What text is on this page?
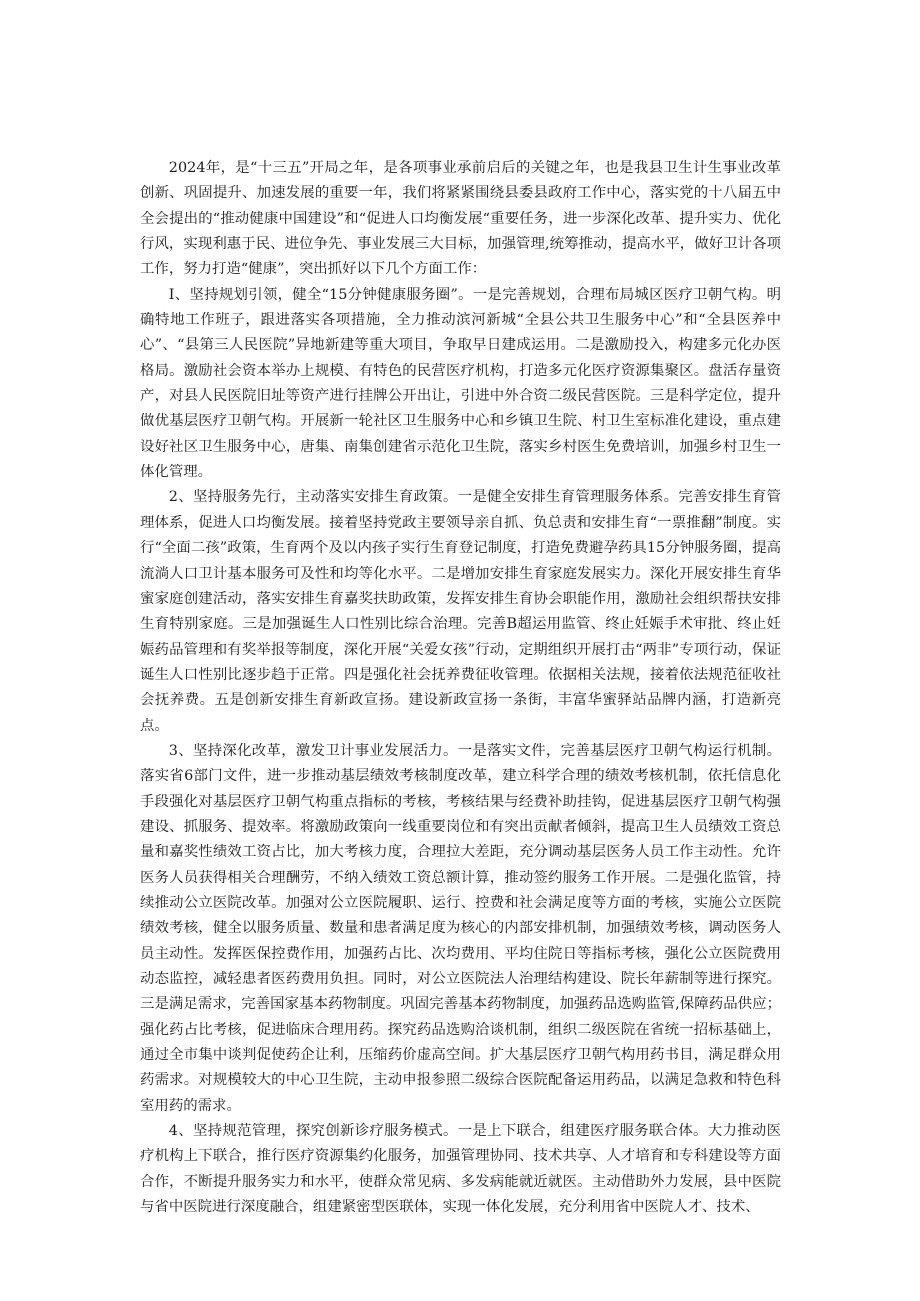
2024年，是“十三五”开局之年，是各项事业承前启后的关键之年，也是我县卫生计生事业改革创新、巩固提升、加速发展的重要一年，我们将紧紧围绕县委县政府工作中心，落实党的十八届五中全会提出的“推动健康中国建设”和“促进人口均衡发展“重要任务，进一步深化改革、提升实力、优化行风，实现利惠于民、进位争先、事业发展三大目标，加强管理,统筹推动，提高水平，做好卫计各项工作，努力打造“健康”，突出抓好以下几个方面工作：

I、坚持规划引领，健全“15分钟健康服务圈”。一是完善规划，合理布局城区医疗卫朝气构。明确特地工作班子，跟进落实各项措施，全力推动滨河新城“全县公共卫生服务中心”和“全县医养中心”、“县第三人民医院”异地新建等重大项目，争取早日建成运用。二是激励投入，构建多元化办医格局。激励社会资本举办上规模、有特色的民营医疗机构，打造多元化医疗资源集聚区。盘活存量资产，对县人民医院旧址等资产进行挂牌公开出让，引进中外合资二级民营医院。三是科学定位，提升做优基层医疗卫朝气构。开展新一轮社区卫生服务中心和乡镇卫生院、村卫生室标准化建设，重点建设好社区卫生服务中心，唐集、南集创建省示范化卫生院，落实乡村医生免费培训，加强乡村卫生一体化管理。

2、坚持服务先行，主动落实安排生育政策。一是健全安排生育管理服务体系。完善安排生育管理体系，促进人口均衡发展。接着坚持党政主要领导亲自抓、负总责和安排生育“一票推翻”制度。实行“全面二孩”政策，生育两个及以内孩子实行生育登记制度，打造免费避孕药具15分钟服务圈，提高流淌人口卫计基本服务可及性和均等化水平。二是增加安排生育家庭发展实力。深化开展安排生育华蜜家庭创建活动，落实安排生育嘉奖扶助政策，发挥安排生育协会职能作用，激励社会组织帮扶安排生育特别家庭。三是加强诞生人口性别比综合治理。完善B超运用监管、终止妊娠手术审批、终止妊娠药品管理和有奖举报等制度，深化开展“关爱女孩”行动，定期组织开展打击“两非”专项行动，保证诞生人口性别比逐步趋于正常。四是强化社会抚养费征收管理。依据相关法规，接着依法规范征收社会抚养费。五是创新安排生育新政宣扬。建设新政宣扬一条街，丰富华蜜驿站品牌内涵，打造新亮点。

3、坚持深化改革，激发卫计事业发展活力。一是落实文件，完善基层医疗卫朝气构运行机制。落实省6部门文件，进一步推动基层绩效考核制度改革，建立科学合理的绩效考核机制，依托信息化手段强化对基层医疗卫朝气构重点指标的考核，考核结果与经费补助挂钩，促进基层医疗卫朝气构强建设、抓服务、提效率。将激励政策向一线重要岗位和有突出贡献者倾斜，提高卫生人员绩效工资总量和嘉奖性绩效工资占比，加大考核力度，合理拉大差距，充分调动基层医务人员工作主动性。允许医务人员获得相关合理酬劳，不纳入绩效工资总额计算，推动签约服务工作开展。二是强化监管，持续推动公立医院改革。加强对公立医院履职、运行、控费和社会满足度等方面的考核，实施公立医院绩效考核，健全以服务质量、数量和患者满足度为核心的内部安排机制，加强绩效考核，调动医务人员主动性。发挥医保控费作用，加强药占比、次均费用、平均住院日等指标考核，强化公立医院费用动态监控，减轻患者医药费用负担。同时，对公立医院法人治理结构建设、院长年薪制等进行探究。三是满足需求，完善国家基本药物制度。巩固完善基本药物制度，加强药品选购监管,保障药品供应；强化药占比考核，促进临床合理用药。探究药品选购洽谈机制，组织二级医院在省统一招标基础上，通过全市集中谈判促使药企让利，压缩药价虚高空间。扩大基层医疗卫朝气构用药书目，满足群众用药需求。对规模较大的中心卫生院，主动申报参照二级综合医院配备运用药品，以满足急救和特色科室用药的需求。

4、坚持规范管理，探究创新诊疗服务模式。一是上下联合，组建医疗服务联合体。大力推动医疗机构上下联合，推行医疗资源集约化服务，加强管理协同、技术共享、人才培育和专科建设等方面合作，不断提升服务实力和水平，使群众常见病、多发病能就近就医。主动借助外力发展，县中医院与省中医院进行深度融合，组建紧密型医联体，实现一体化发展，充分利用省中医院人才、技术、
